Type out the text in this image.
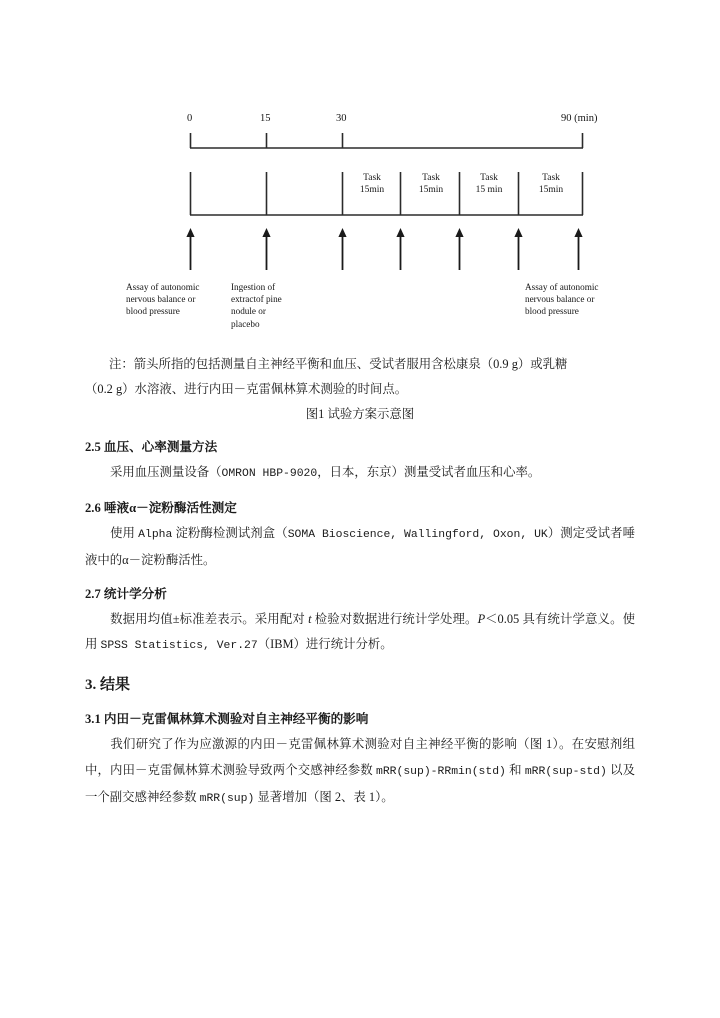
0	15	30	90 (min)
Task
15min
Task
15min
Task
15 min
Task
15min
Assay of autonomic
nervous balance or
blood pressure
Ingestion of
extractof pine
nodule or
placebo
Assay of autonomic
nervous balance or
blood pressure

注：箭头所指的包括测量自主神经平衡和血压、受试者服用含松康泉（0.9 g）或乳糖

（0.2 g）水溶液、进行内田－克雷佩林算术测验的时间点。

图1 试验方案示意图

2.5 血压、心率测量方法

采用血压测量设备（OMRON HBP-9020，日本，东京）测量受试者血压和心率。

2.6 唾液α－淀粉酶活性测定

使用 Alpha 淀粉酶检测试剂盒（SOMA Bioscience, Wallingford, Oxon, UK）测定受试者唾液中的α－淀粉酶活性。

2.7 统计学分析

数据用均值±标准差表示。采用配对 t 检验对数据进行统计学处理。P＜0.05 具有统计学意义。使用 SPSS Statistics, Ver.27（IBM）进行统计分析。

3. 结果
3.1 内田－克雷佩林算术测验对自主神经平衡的影响

我们研究了作为应激源的内田－克雷佩林算术测验对自主神经平衡的影响（图 1）。在安慰剂组中，内田－克雷佩林算术测验导致两个交感神经参数 mRR(sup)-RRmin(std) 和 mRR(sup-std) 以及一个副交感神经参数 mRR(sup) 显著增加（图 2、表 1）。
